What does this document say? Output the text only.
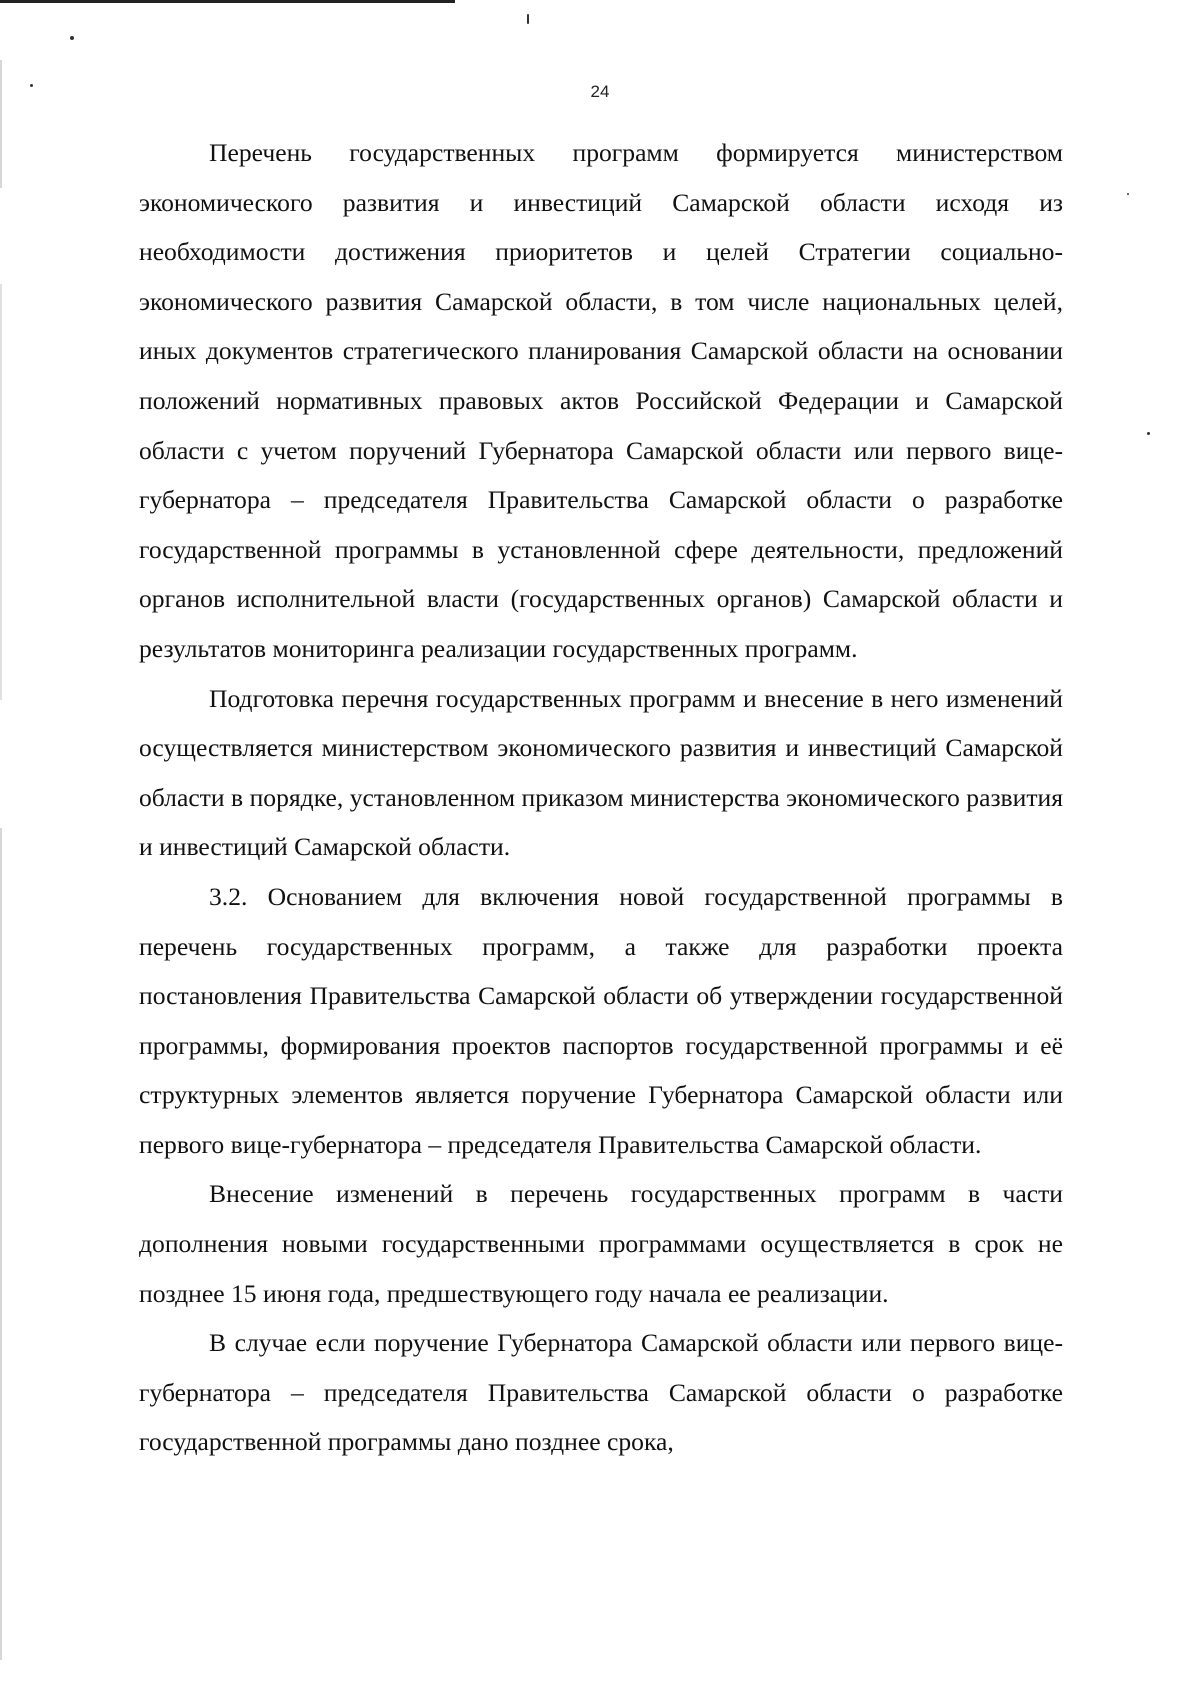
24

Перечень государственных программ формируется министерством экономического развития и инвестиций Самарской области исходя из необходимости достижения приоритетов и целей Стратегии социально-экономического развития Самарской области, в том числе национальных целей, иных документов стратегического планирования Самарской области на основании положений нормативных правовых актов Российской Федерации и Самарской области с учетом поручений Губернатора Самарской области или первого вице-губернатора – председателя Правительства Самарской области о разработке государственной программы в установленной сфере деятельности, предложений органов исполнительной власти (государственных органов) Самарской области и результатов мониторинга реализации государственных программ.

Подготовка перечня государственных программ и внесение в него изменений осуществляется министерством экономического развития и инвестиций Самарской области в порядке, установленном приказом министерства экономического развития и инвестиций Самарской области.

3.2. Основанием для включения новой государственной программы в перечень государственных программ, а также для разработки проекта постановления Правительства Самарской области об утверждении государственной программы, формирования проектов паспортов государственной программы и её структурных элементов является поручение Губернатора Самарской области или первого вице-губернатора – председателя Правительства Самарской области.

Внесение изменений в перечень государственных программ в части дополнения новыми государственными программами осуществляется в срок не позднее 15 июня года, предшествующего году начала ее реализации.

В случае если поручение Губернатора Самарской области или первого вице-губернатора – председателя Правительства Самарской области о разработке государственной программы дано позднее срока,
